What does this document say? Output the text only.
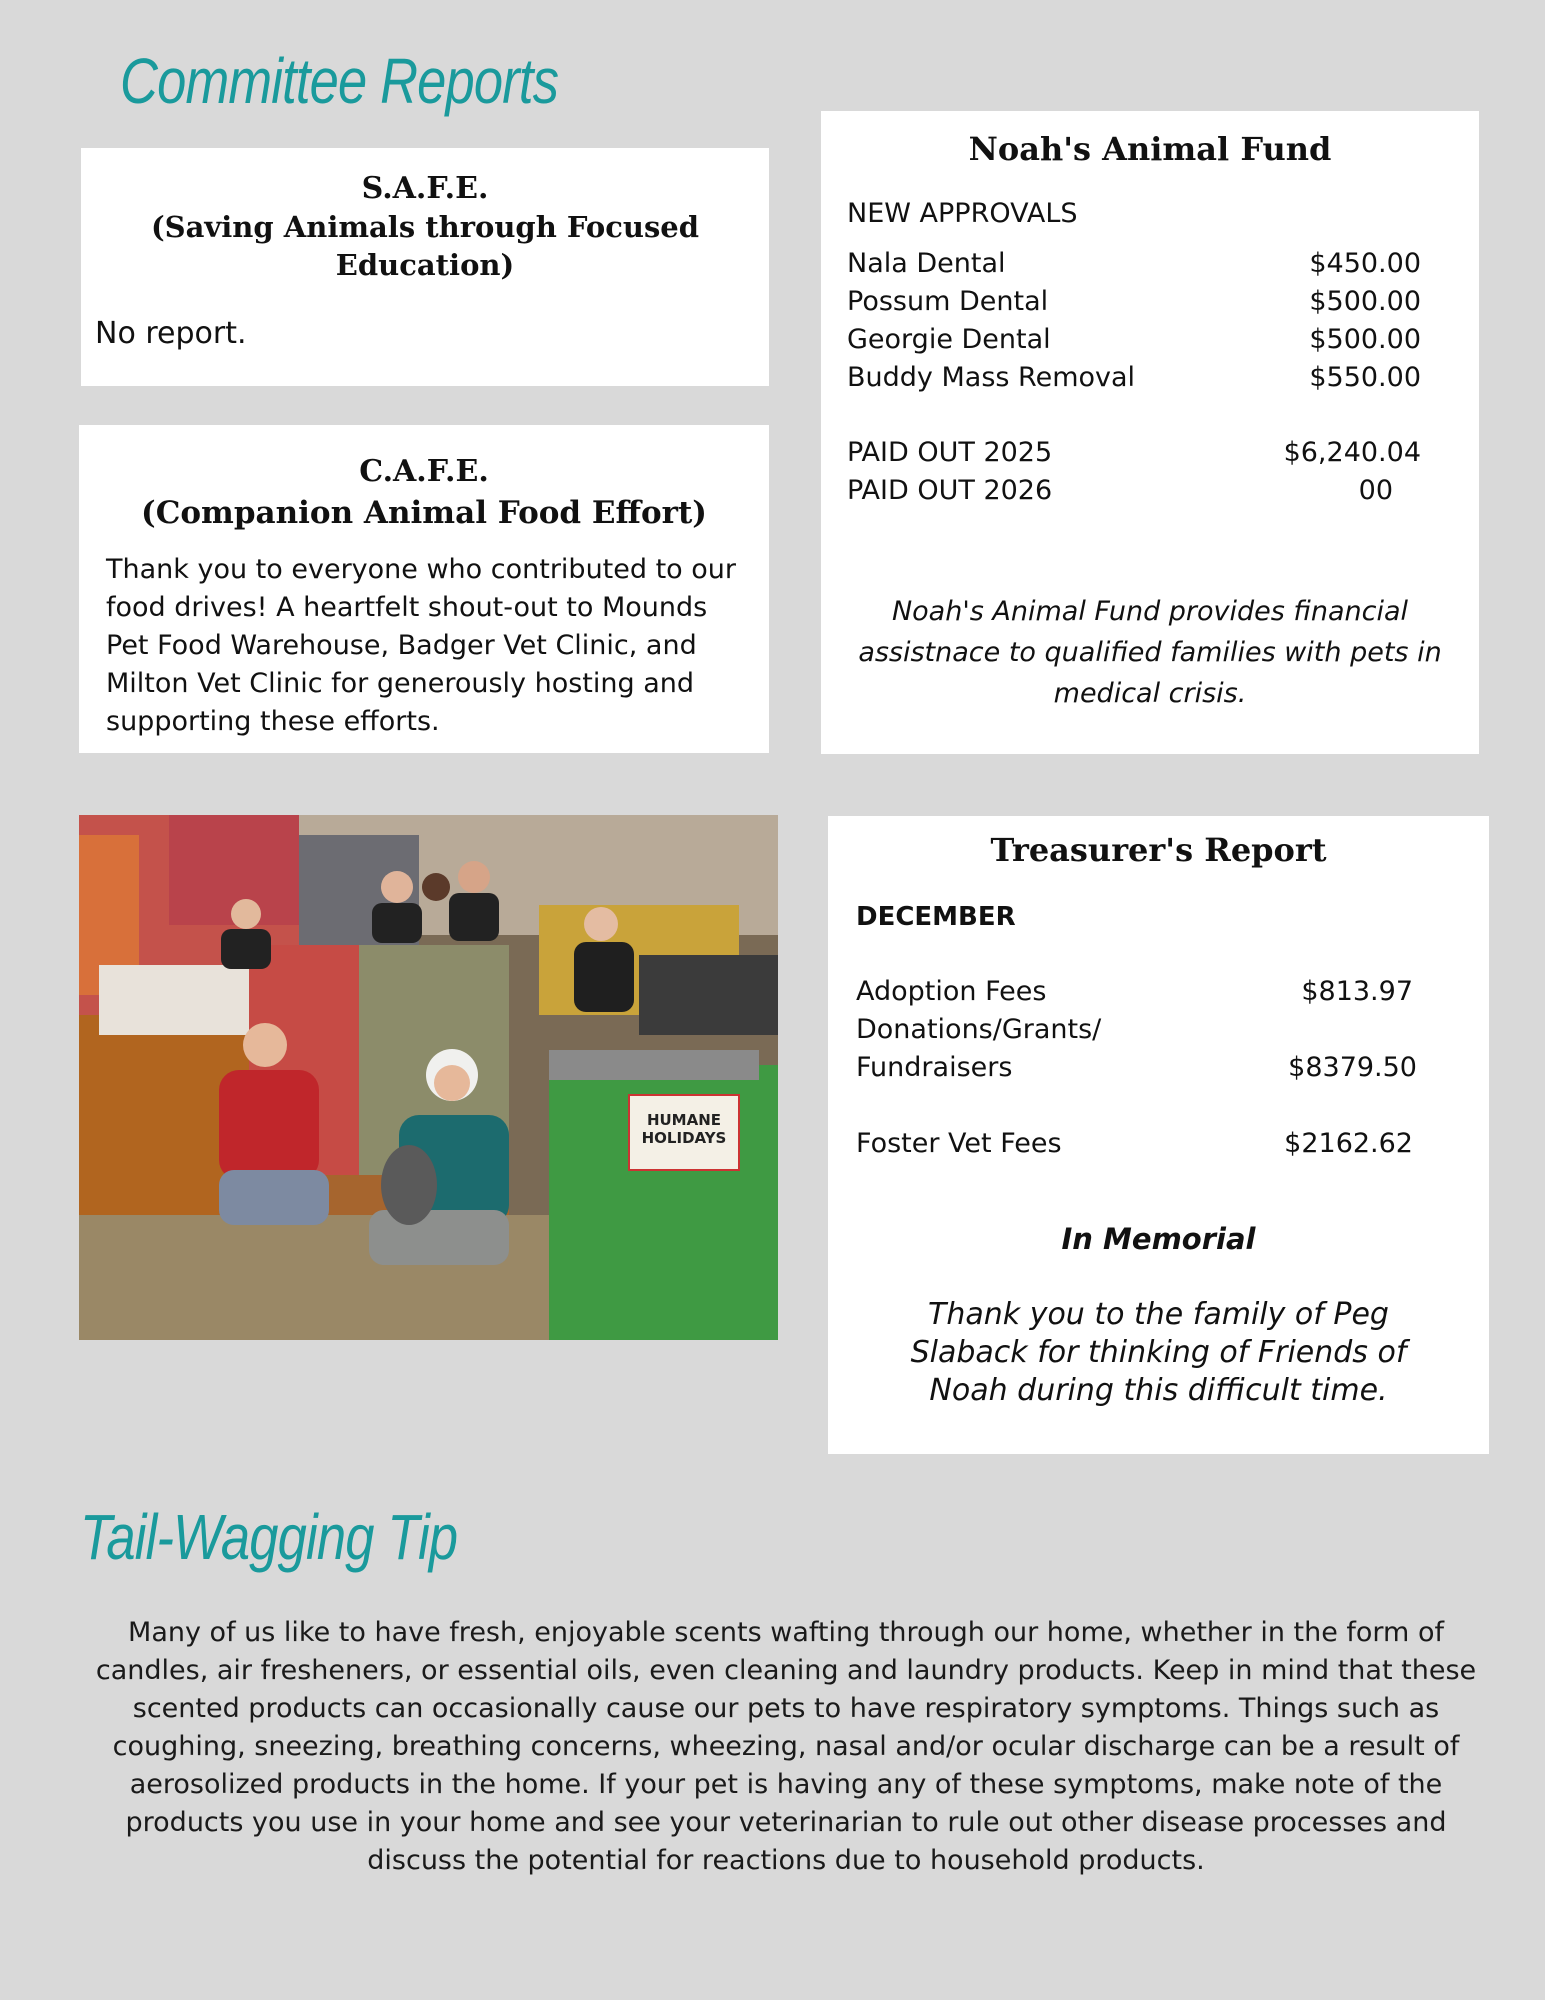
Committee Reports
S.A.F.E.
(Saving Animals through Focused Education)
No report.
C.A.F.E.
(Companion Animal Food Effort)
Thank you to everyone who contributed to our food drives! A heartfelt shout-out to Mounds Pet Food Warehouse, Badger Vet Clinic, and Milton Vet Clinic for generously hosting and supporting these efforts.
Noah's Animal Fund
NEW APPROVALS
Nala Dental	$450.00
Possum Dental	$500.00
Georgie Dental	$500.00
Buddy Mass Removal	$550.00
PAID OUT 2025	$6,240.04
PAID OUT 2026	00
Noah's Animal Fund provides financial assistnace to qualified families with pets in medical crisis.
HUMANE
HOLIDAYS
Treasurer's Report
DECEMBER
Adoption Fees	$813.97
Donations/Grants/
Fundraisers	$8379.50
Foster Vet Fees	$2162.62
In Memorial
Thank you to the family of Peg Slaback for thinking of Friends of Noah during this difficult time.
Tail-Wagging Tip
Many of us like to have fresh, enjoyable scents wafting through our home, whether in the form of candles, air fresheners, or essential oils, even cleaning and laundry products. Keep in mind that these scented products can occasionally cause our pets to have respiratory symptoms. Things such as coughing, sneezing, breathing concerns, wheezing, nasal and/or ocular discharge can be a result of aerosolized products in the home. If your pet is having any of these symptoms, make note of the products you use in your home and see your veterinarian to rule out other disease processes and discuss the potential for reactions due to household products.
